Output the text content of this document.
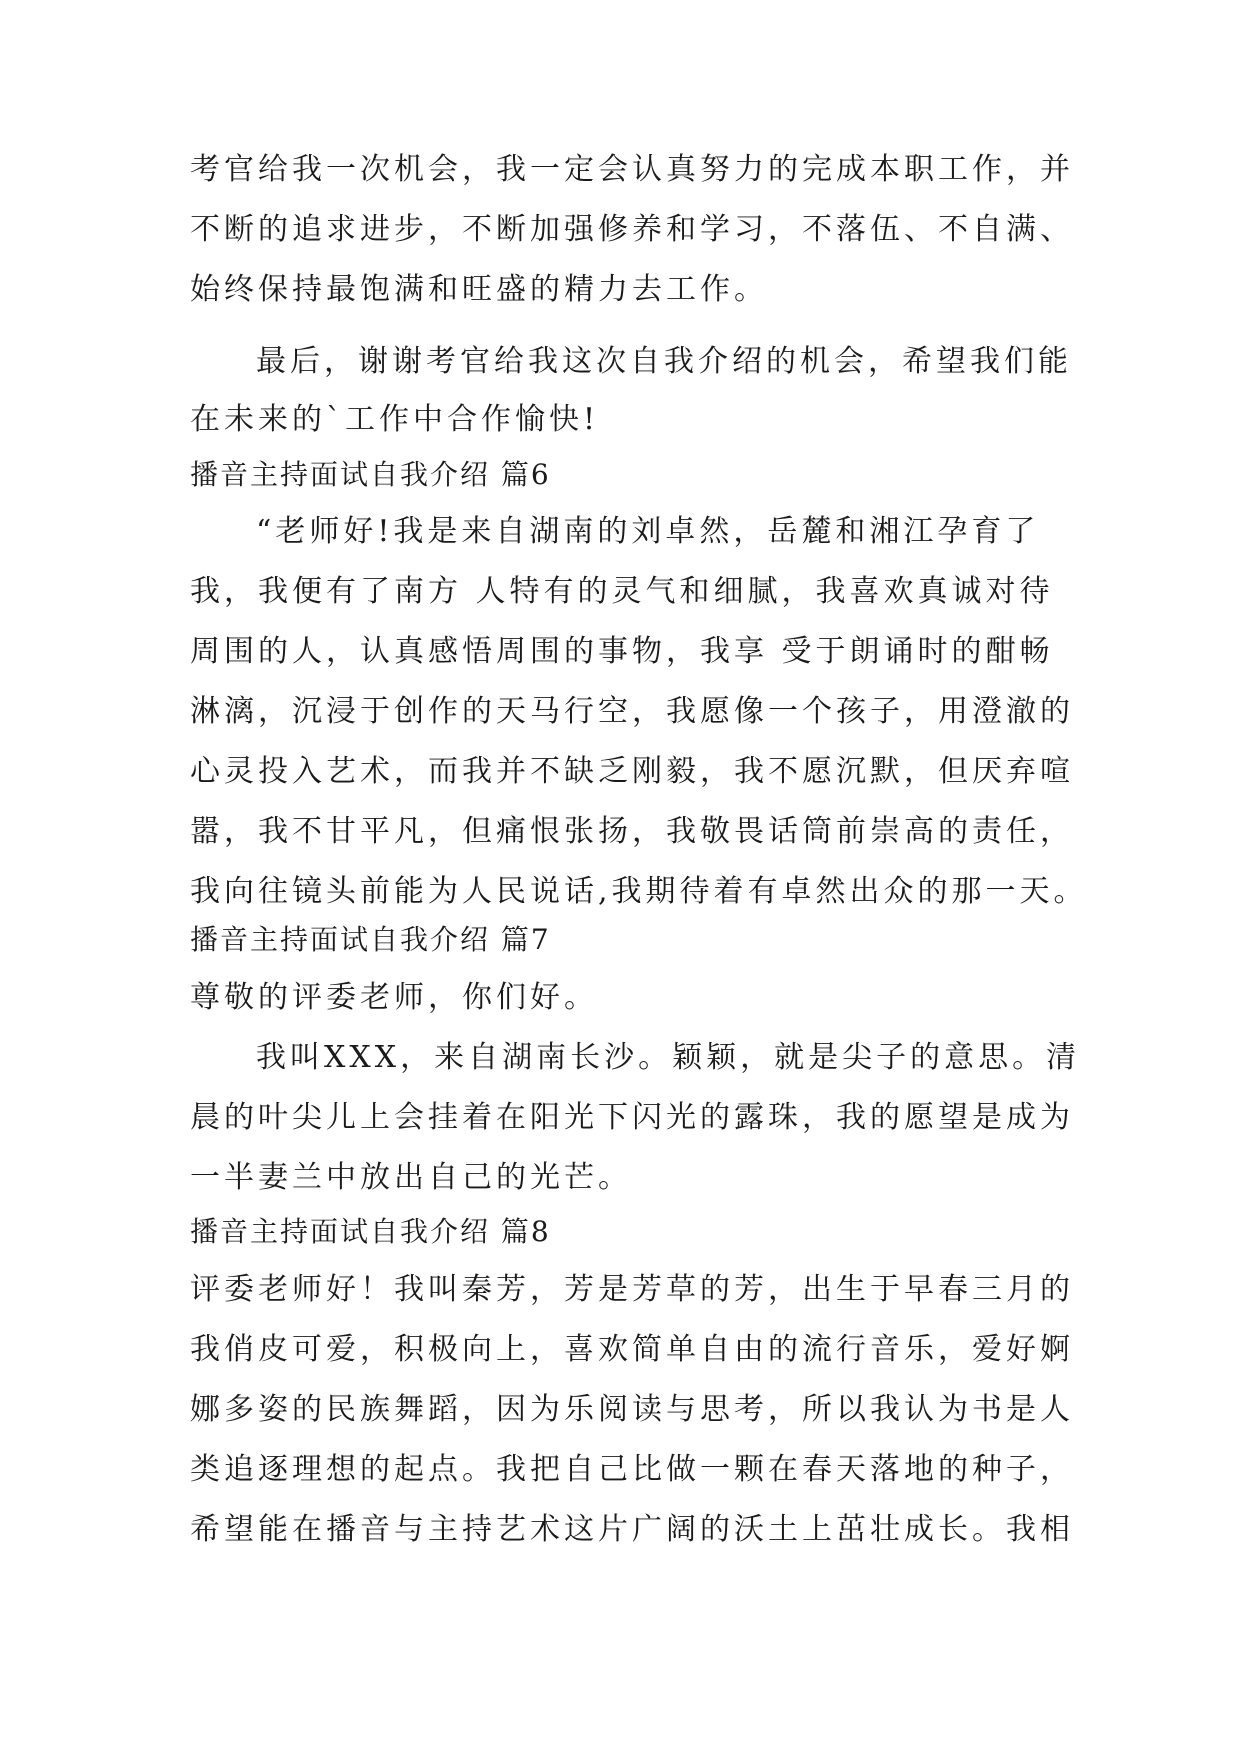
考官给我一次机会，我一定会认真努力的完成本职工作，并
不断的追求进步，不断加强修养和学习，不落伍、不自满、
始终保持最饱满和旺盛的精力去工作。
最后，谢谢考官给我这次自我介绍的机会，希望我们能
在未来的`工作中合作愉快!
播音主持面试自我介绍 篇6
“老师好!我是来自湖南的刘卓然，岳麓和湘江孕育了
我，我便有了南方 人特有的灵气和细腻，我喜欢真诚对待
周围的人，认真感悟周围的事物，我享 受于朗诵时的酣畅
淋漓，沉浸于创作的天马行空，我愿像一个孩子，用澄澈的
心灵投入艺术，而我并不缺乏刚毅，我不愿沉默，但厌弃喧
嚣，我不甘平凡，但痛恨张扬，我敬畏话筒前崇高的责任，
我向往镜头前能为人民说话,我期待着有卓然出众的那一天。
播音主持面试自我介绍 篇7
尊敬的评委老师，你们好。
我叫XXX，来自湖南长沙。颖颖，就是尖子的意思。清
晨的叶尖儿上会挂着在阳光下闪光的露珠，我的愿望是成为
一半妻兰中放出自己的光芒。
播音主持面试自我介绍 篇8
评委老师好！我叫秦芳，芳是芳草的芳，出生于早春三月的
我俏皮可爱，积极向上，喜欢简单自由的流行音乐，爱好婀
娜多姿的民族舞蹈，因为乐阅读与思考，所以我认为书是人
类追逐理想的起点。我把自己比做一颗在春天落地的种子，
希望能在播音与主持艺术这片广阔的沃土上茁壮成长。我相
